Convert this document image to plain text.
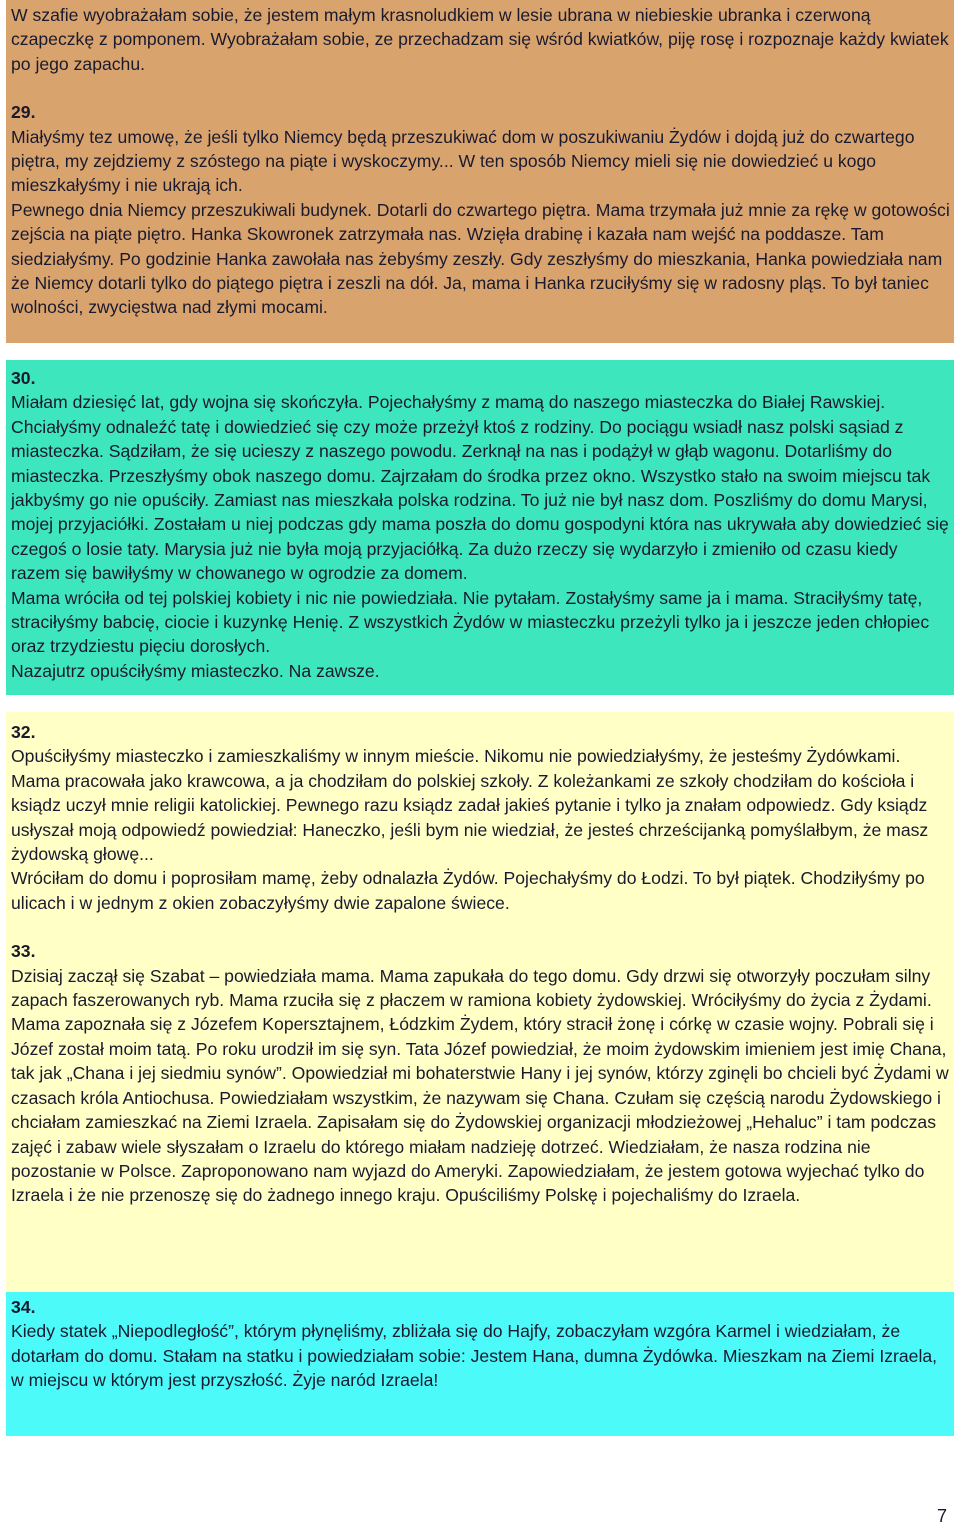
W szafie wyobrażałam sobie, że jestem małym krasnoludkiem w lesie ubrana w niebieskie ubranka i czerwoną czapeczkę z pomponem. Wyobrażałam sobie, ze przechadzam się wśród kwiatków, piję rosę i rozpoznaje każdy kwiatek po jego zapachu.

29.

Miałyśmy tez umowę, że jeśli tylko Niemcy będą przeszukiwać dom w poszukiwaniu Żydów i dojdą już do czwartego piętra, my zejdziemy z szóstego na piąte i wyskoczymy... W ten sposób Niemcy mieli się nie dowiedzieć u kogo mieszkałyśmy i nie ukrają ich.

Pewnego dnia Niemcy przeszukiwali budynek. Dotarli do czwartego piętra. Mama trzymała już mnie za rękę w gotowości zejścia na piąte piętro. Hanka Skowronek zatrzymała nas. Wzięła drabinę i kazała nam wejść na poddasze. Tam siedziałyśmy. Po godzinie Hanka zawołała nas żebyśmy zeszły. Gdy zeszłyśmy do mieszkania, Hanka powiedziała nam że Niemcy dotarli tylko do piątego piętra i zeszli na dół. Ja, mama i Hanka rzuciłyśmy się w radosny pląs. To był taniec wolności, zwycięstwa nad złymi mocami.

30.

Miałam dziesięć lat, gdy wojna się skończyła. Pojechałyśmy z mamą do naszego miasteczka do Białej Rawskiej. Chciałyśmy odnaleźć tatę i dowiedzieć się czy może przeżył ktoś z rodziny. Do pociągu wsiadł nasz polski sąsiad z miasteczka. Sądziłam, że się ucieszy z naszego powodu. Zerknął na nas i podążył w głąb wagonu. Dotarliśmy do miasteczka. Przeszłyśmy obok naszego domu. Zajrzałam do środka przez okno. Wszystko stało na swoim miejscu tak jakbyśmy go nie opuściły. Zamiast nas mieszkała polska rodzina. To już nie był nasz dom. Poszliśmy do domu Marysi, mojej przyjaciółki. Zostałam u niej podczas gdy mama poszła do domu gospodyni która nas ukrywała aby dowiedzieć się czegoś o losie taty. Marysia już nie była moją przyjaciółką. Za dużo rzeczy się wydarzyło i zmieniło od czasu kiedy razem się bawiłyśmy w chowanego w ogrodzie za domem.

Mama wróciła od tej polskiej kobiety i nic nie powiedziała. Nie pytałam. Zostałyśmy same ja i mama. Straciłyśmy tatę, straciłyśmy babcię, ciocie i kuzynkę Henię. Z wszystkich Żydów w miasteczku przeżyli tylko ja i jeszcze jeden chłopiec oraz trzydziestu pięciu dorosłych.

Nazajutrz opuściłyśmy miasteczko. Na zawsze.

32.

Opuściłyśmy miasteczko i zamieszkaliśmy w innym mieście. Nikomu nie powiedziałyśmy, że jesteśmy Żydówkami. Mama pracowała jako krawcowa, a ja chodziłam do polskiej szkoły. Z koleżankami ze szkoły chodziłam do kościoła i ksiądz uczył mnie religii katolickiej. Pewnego razu ksiądz zadał jakieś pytanie i tylko ja znałam odpowiedz. Gdy ksiądz usłyszał moją odpowiedź powiedział: Haneczko, jeśli bym nie wiedział, że jesteś chrześcijanką pomyślałbym, że masz żydowską głowę...

Wróciłam do domu i poprosiłam mamę, żeby odnalazła Żydów. Pojechałyśmy do Łodzi. To był piątek. Chodziłyśmy po ulicach i w jednym z okien zobaczyłyśmy dwie zapalone świece.

33.

Dzisiaj zaczął się Szabat – powiedziała mama. Mama zapukała do tego domu. Gdy drzwi się otworzyły poczułam silny zapach faszerowanych ryb. Mama rzuciła się z płaczem w ramiona kobiety żydowskiej. Wróciłyśmy do życia z Żydami.

Mama zapoznała się z Józefem Kopersztajnem, Łódzkim Żydem, który stracił żonę i córkę w czasie wojny. Pobrali się i Józef został moim tatą. Po roku urodził im się syn. Tata Józef powiedział, że moim żydowskim imieniem jest imię Chana, tak jak „Chana i jej siedmiu synów”. Opowiedział mi bohaterstwie Hany i jej synów, którzy zginęli bo chcieli być Żydami w czasach króla Antiochusa. Powiedziałam wszystkim, że nazywam się Chana. Czułam się częścią narodu Żydowskiego i chciałam zamieszkać na Ziemi Izraela. Zapisałam się do Żydowskiej organizacji młodzieżowej „Hehaluc” i tam podczas zajęć i zabaw wiele słyszałam o Izraelu do którego miałam nadzieję dotrzeć. Wiedziałam, że nasza rodzina nie pozostanie w Polsce. Zaproponowano nam wyjazd do Ameryki. Zapowiedziałam, że jestem gotowa wyjechać tylko do Izraela i że nie przenoszę się do żadnego innego kraju. Opuściliśmy Polskę i pojechaliśmy do Izraela.

34.

Kiedy statek „Niepodległość”, którym płynęliśmy, zbliżała się do Hajfy, zobaczyłam wzgóra Karmel i wiedziałam, że dotarłam do domu. Stałam na statku i powiedziałam sobie: Jestem Hana, dumna Żydówka. Mieszkam na Ziemi Izraela, w miejscu w którym jest przyszłość. Żyje naród Izraela!

7
